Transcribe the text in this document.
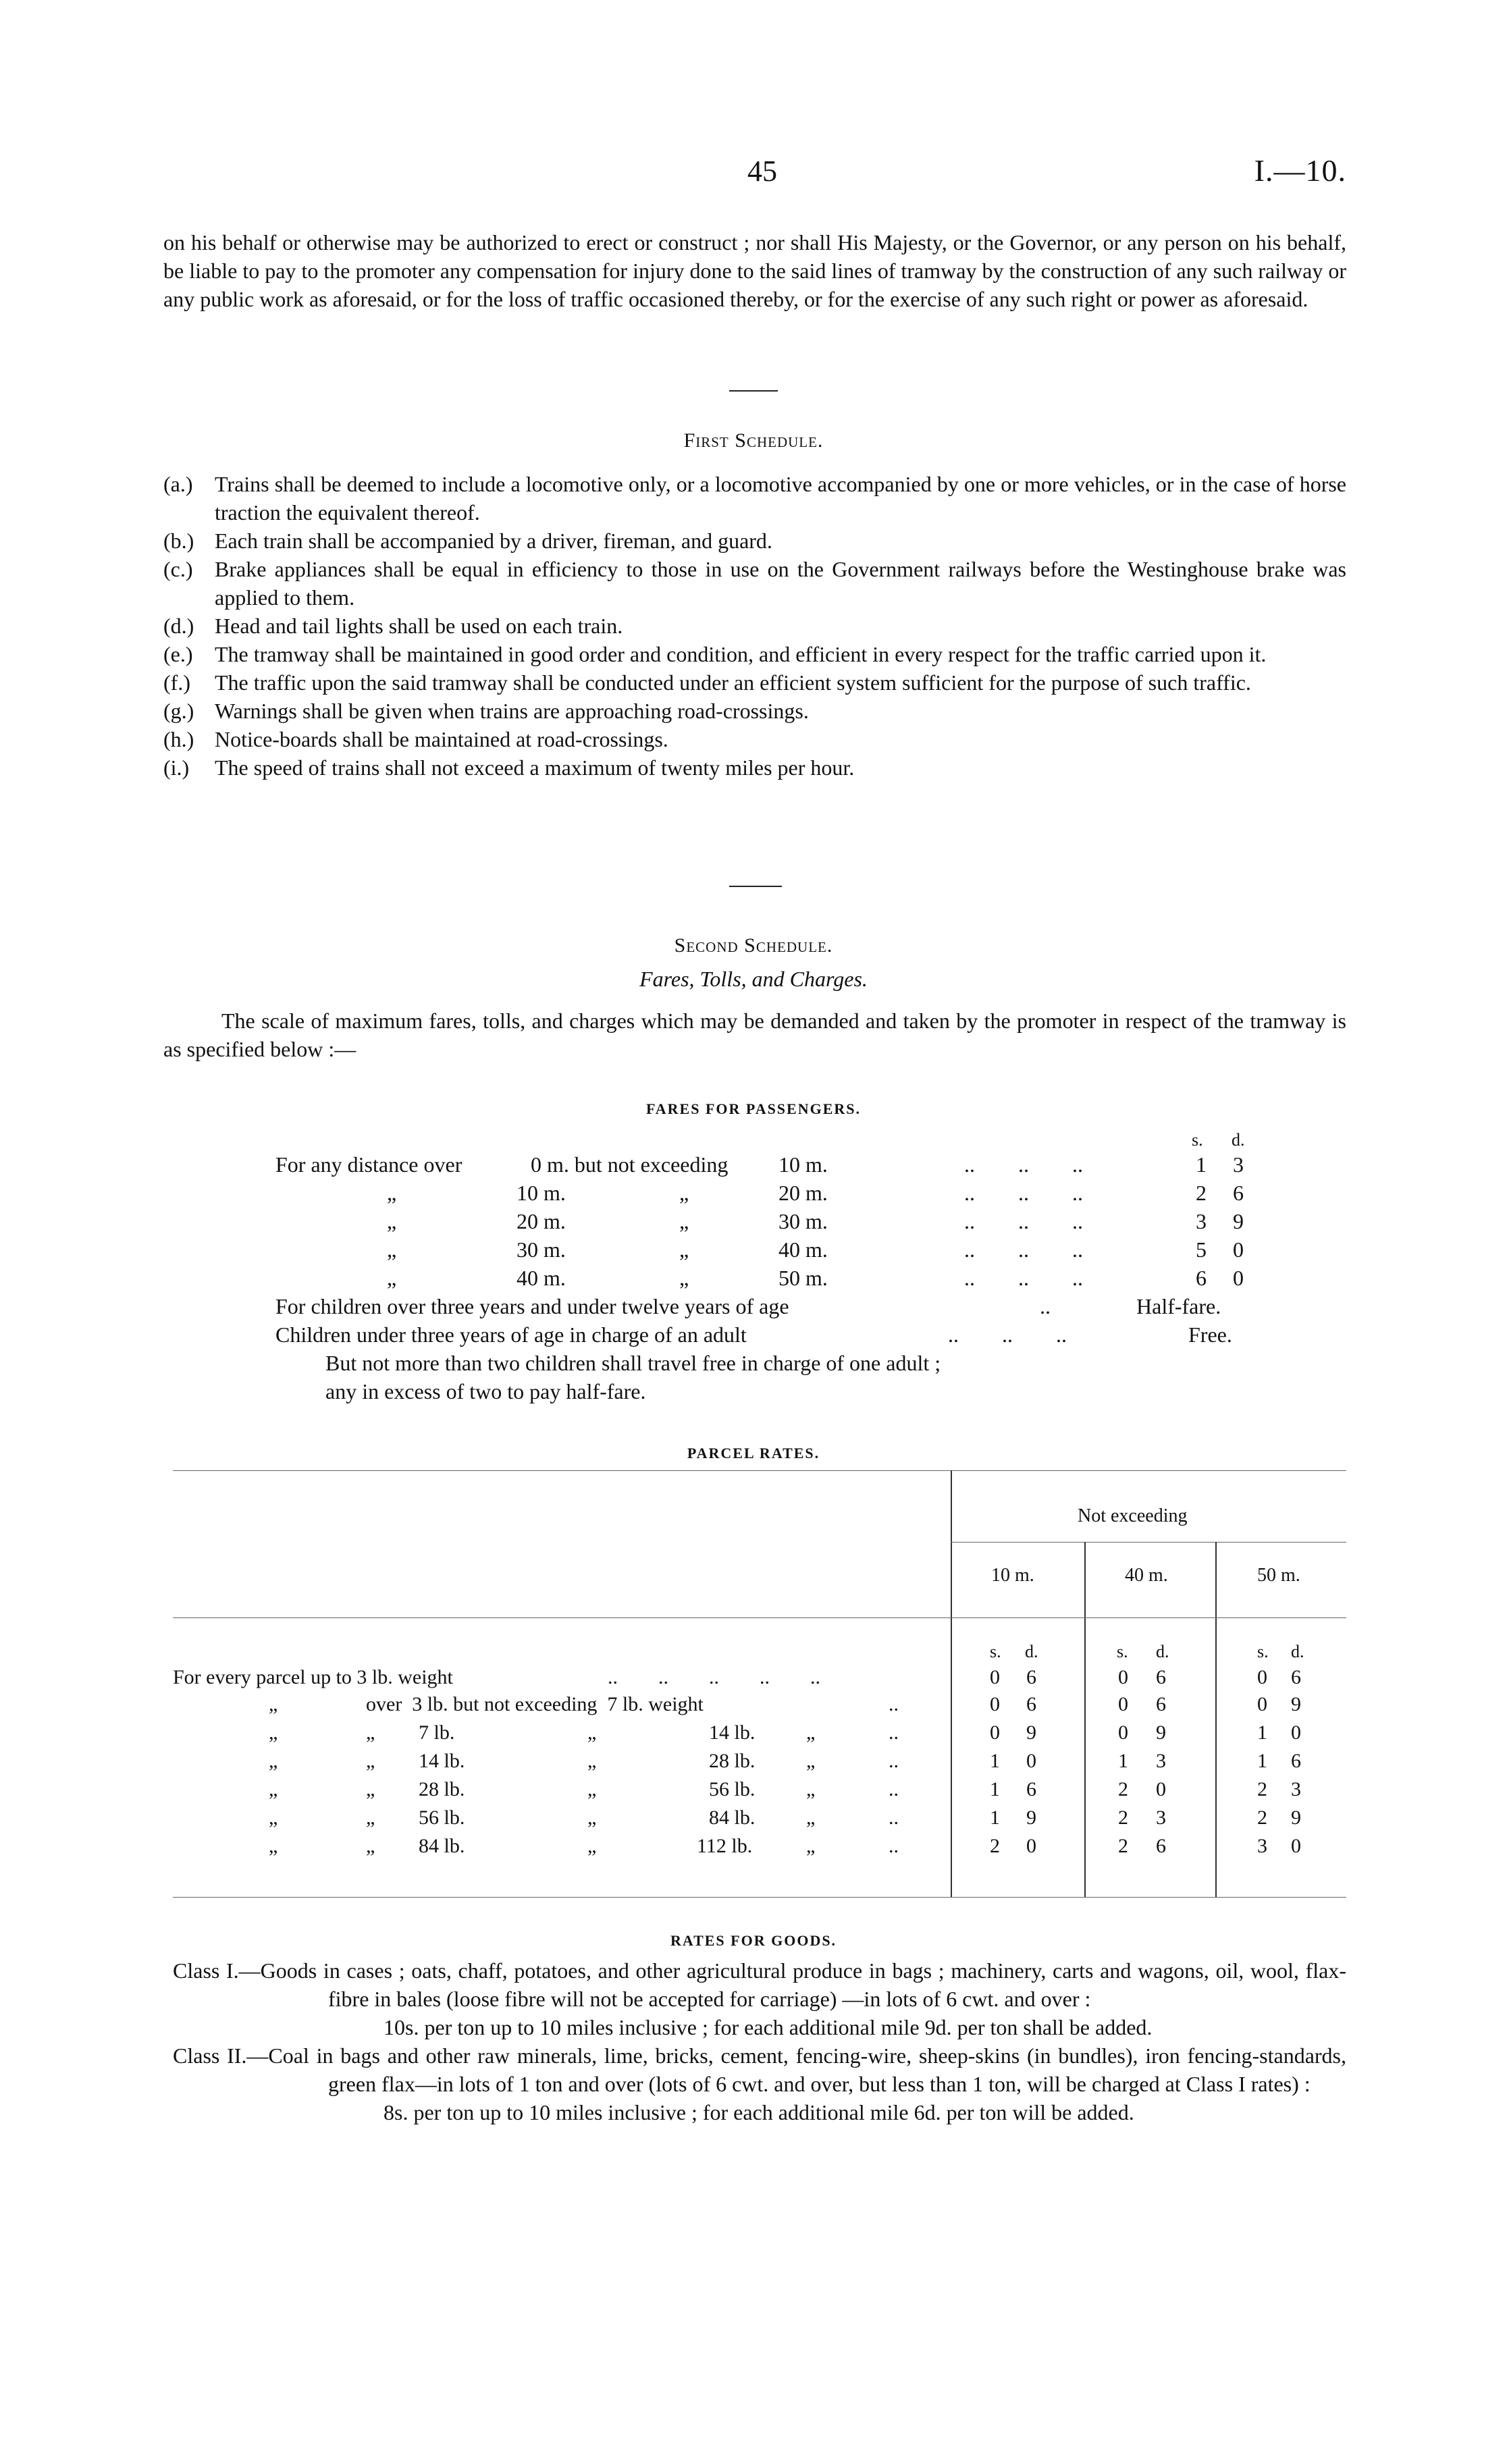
45	I.—10.
on his behalf or otherwise may be authorized to erect or construct ; nor shall His Majesty, or the Governor, or any person on his behalf, be liable to pay to the promoter any compensation for injury done to the said lines of tramway by the construction of any such railway or any public work as aforesaid, or for the loss of traffic occasioned thereby, or for the exercise of any such right or power as aforesaid.
First Schedule.
(a.)	Trains shall be deemed to include a locomotive only, or a locomotive accompanied by one or more vehicles, or in the case of horse traction the equivalent thereof.
(b.) Each train shall be accompanied by a driver, fireman, and guard.
(c.)	Brake appliances shall be equal in efficiency to those in use on the Government railways before the Westinghouse brake was applied to them.
(d.) Head and tail lights shall be used on each train.
(e.)	The tramway shall be maintained in good order and condition, and efficient in every respect for the traffic carried upon it.
(f.)	The traffic upon the said tramway shall be conducted under an efficient system sufficient for the purpose of such traffic.
(g.) Warnings shall be given when trains are approaching road-crossings.
(h.) Notice-boards shall be maintained at road-crossings.
(i.)	The speed of trains shall not exceed a maximum of twenty miles per hour.
Second Schedule.
Fares, Tolls, and Charges.
The scale of maximum fares, tolls, and charges which may be demanded and taken by the promoter in respect of the tramway is as specified below :—
FARES FOR PASSENGERS.
s. d.
For any distance over	0 m. but not exceeding 10 m.	..        ..        ..	1 3
„	10 m.	„	20 m.	..        ..        ..	2 6
„	20 m.	„	30 m.	..        ..        ..	3 9
„	30 m.	„	40 m.	..        ..        ..	5 0
„	40 m.	„	50 m.	..        ..        ..	6 0
For children over three years and under twelve years of age	..	Half-fare.
Children under three years of age in charge of an adult	..        ..        ..	Free.
But not more than two children shall travel free in charge of one adult ;
any in excess of two to pay half-fare.
PARCEL RATES.
Not exceeding
10 m.	40 m.	50 m.
s. d.	s. d.	s. d.
For every parcel up to 3 lb. weight	..        ..        ..        ..        ..	0 6	0 6	0 6
„	over  3 lb. but not exceeding  7 lb. weight	..	0 6	0 6	0 9
„	„ 7 lb.	„	14 lb.	„	..	0 9	0 9	1 0
„	„ 14 lb.	„	28 lb.	„	..	1 0	1 3	1 6
„	„ 28 lb.	„	56 lb.	„	..	1 6	2 0	2 3
„	„ 56 lb.	„	84 lb.	„	..	1 9	2 3	2 9
„	„ 84 lb.	„	112 lb.	„	..	2 0	2 6	3 0
RATES FOR GOODS.
Class I.—Goods in cases ; oats, chaff, potatoes, and other agricultural produce in bags ; machinery, carts and wagons, oil, wool, flax-fibre in bales (loose fibre will not be accepted for carriage) —in lots of 6 cwt. and over :
10s. per ton up to 10 miles inclusive ; for each additional mile 9d. per ton shall be added.
Class II.—Coal in bags and other raw minerals, lime, bricks, cement, fencing-wire, sheep-skins (in bundles), iron fencing-standards, green flax—in lots of 1 ton and over (lots of 6 cwt. and over, but less than 1 ton, will be charged at Class I rates) :
8s. per ton up to 10 miles inclusive ; for each additional mile 6d. per ton will be added.
